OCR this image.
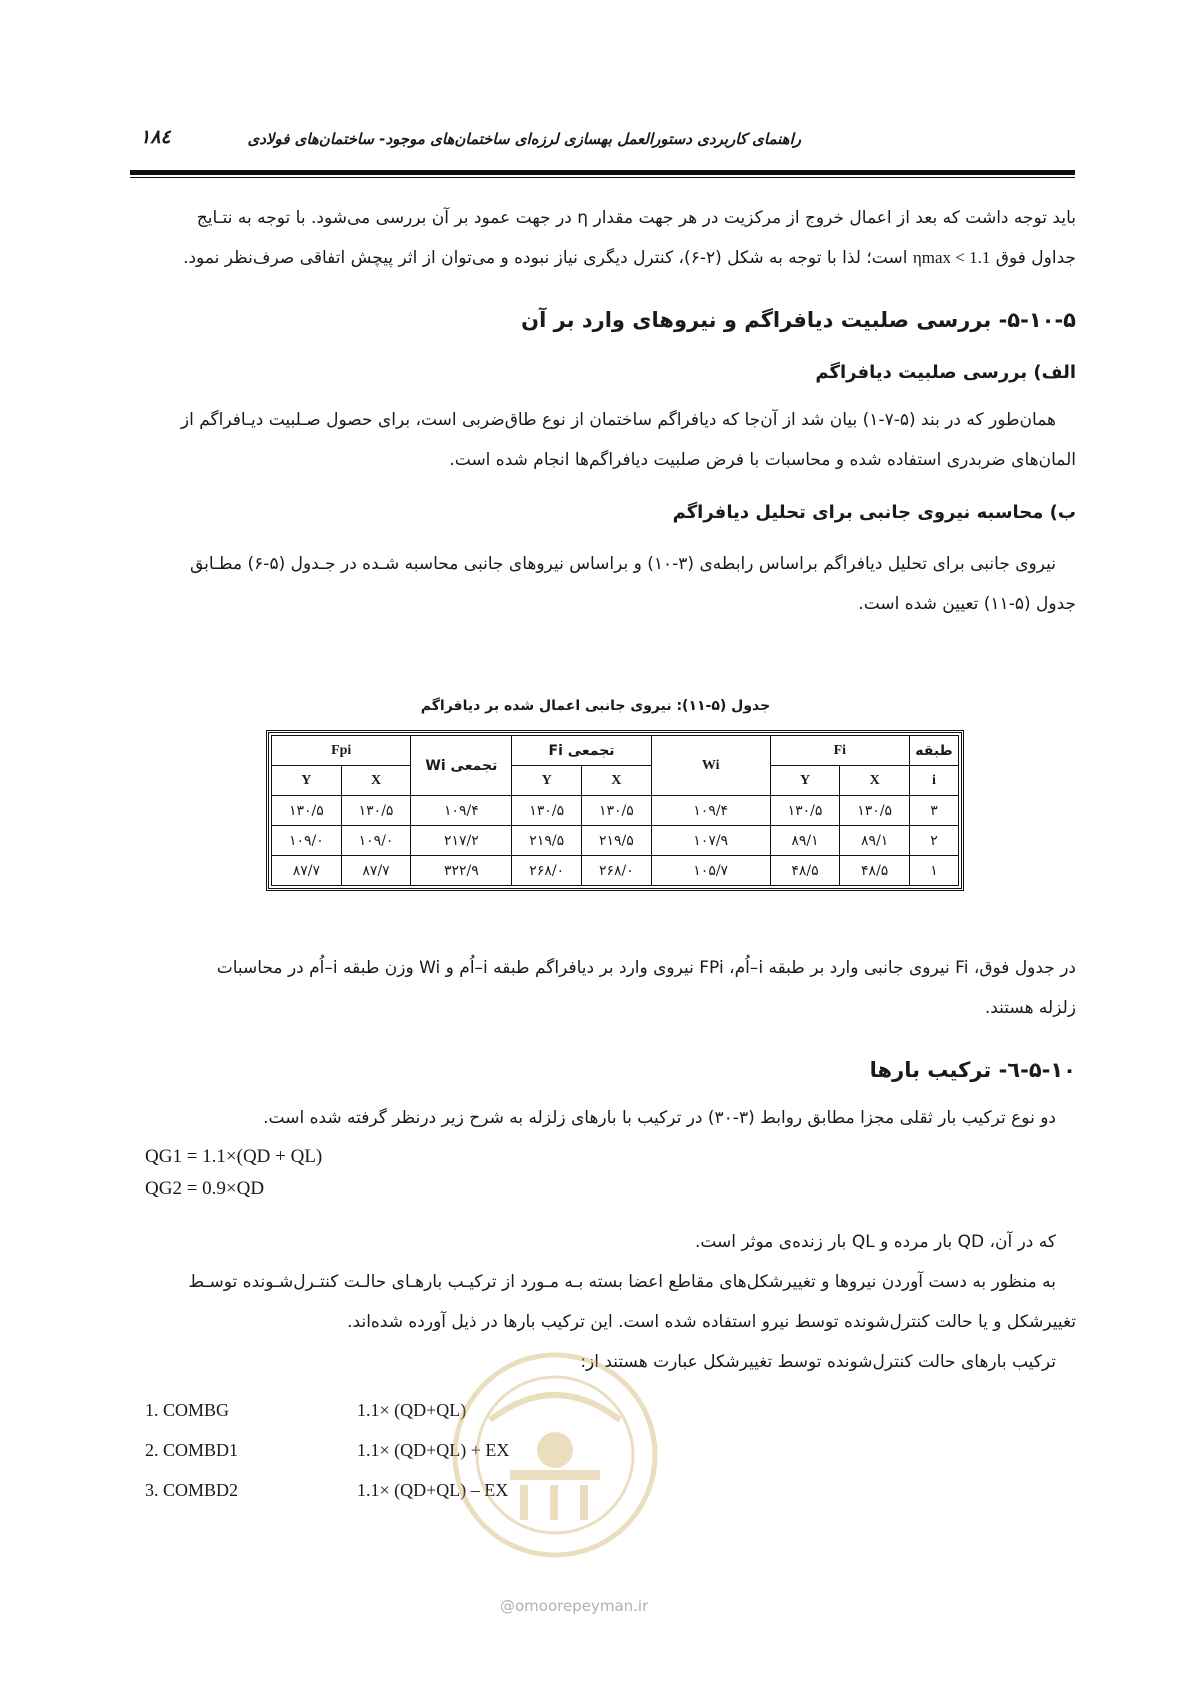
راهنمای کاربردی دستورالعمل بهسازی لرزه‌ای ساختمان‌های موجود- ساختمان‌های فولادی
۱۸٤

باید توجه داشت که بعد از اعمال خروج از مرکزیت در هر جهت مقدار η در جهت عمود بر آن بررسی می‌شود. با توجه به نتـایج

جداول فوق ηmax < 1.1 است؛ لذا با توجه به شکل (۲-۶)، کنترل دیگری نیاز نبوده و می‌توان از اثر پیچش اتفاقی صرف‌نظر نمود.

۵-۱۰-۵- بررسی صلبیت دیافراگم و نیروهای وارد بر آن
الف) بررسی صلبیت دیافراگم

همان‌طور که در بند (۵-۷-۱) بیان شد از آن‌جا که دیافراگم ساختمان از نوع طاق‌ضربی است، برای حصول صـلبیت دیـافراگم از

المان‌های ضربدری استفاده شده و محاسبات با فرض صلبیت دیافراگم‌ها انجام شده است.

ب) محاسبه نیروی جانبی برای تحلیل دیافراگم

نیروی جانبی برای تحلیل دیافراگم براساس رابطه‌ی (۳-۱۰) و براساس نیروهای جانبی محاسبه شـده در جـدول (۵-۶) مطـابق

جدول (۵-۱۱) تعیین شده است.

جدول (۵-۱۱): نیروی جانبی اعمال شده بر دیافراگم
طبقه	Fi		Wi	تجمعی Fi		تجمعی Wi	Fpi	
i	X	Y		X	Y		X	Y
۳	۱۳۰/۵	۱۳۰/۵	۱۰۹/۴	۱۳۰/۵	۱۳۰/۵	۱۰۹/۴	۱۳۰/۵	۱۳۰/۵
۲	۸۹/۱	۸۹/۱	۱۰۷/۹	۲۱۹/۵	۲۱۹/۵	۲۱۷/۲	۱۰۹/۰	۱۰۹/۰
۱	۴۸/۵	۴۸/۵	۱۰۵/۷	۲۶۸/۰	۲۶۸/۰	۳۲۲/۹	۸۷/۷	۸۷/۷

در جدول فوق، Fi نیروی جانبی وارد بر طبقه i–اُم، FPi نیروی وارد بر دیافراگم طبقه i–اُم و Wi وزن طبقه i–اُم در محاسبات

زلزله هستند.

۵-۱۰-٦- ترکیب بارها

دو نوع ترکیب بار ثقلی مجزا مطابق روابط (۳-۳۰) در ترکیب با بارهای زلزله به شرح زیر درنظر گرفته شده است.

QG1 = 1.1×(QD + QL)
QG2 = 0.9×QD

که در آن، QD بار مرده و QL بار زنده‌ی موثر است.

به منظور به دست آوردن نیروها و تغییرشکل‌های مقاطع اعضا بسته بـه مـورد از ترکیـب بارهـای حالـت کنتـرل‌شـونده توسـط

تغییرشکل و یا حالت کنترل‌شونده توسط نیرو استفاده شده است. این ترکیب بارها در ذیل آورده شده‌اند.

ترکیب بارهای حالت کنترل‌شونده توسط تغییرشکل عبارت هستند از:

1. COMBG	1.1× (QD+QL)
2. COMBD1	1.1× (QD+QL) + EX
3. COMBD2	1.1× (QD+QL) – EX
@omoorepeyman.ir
